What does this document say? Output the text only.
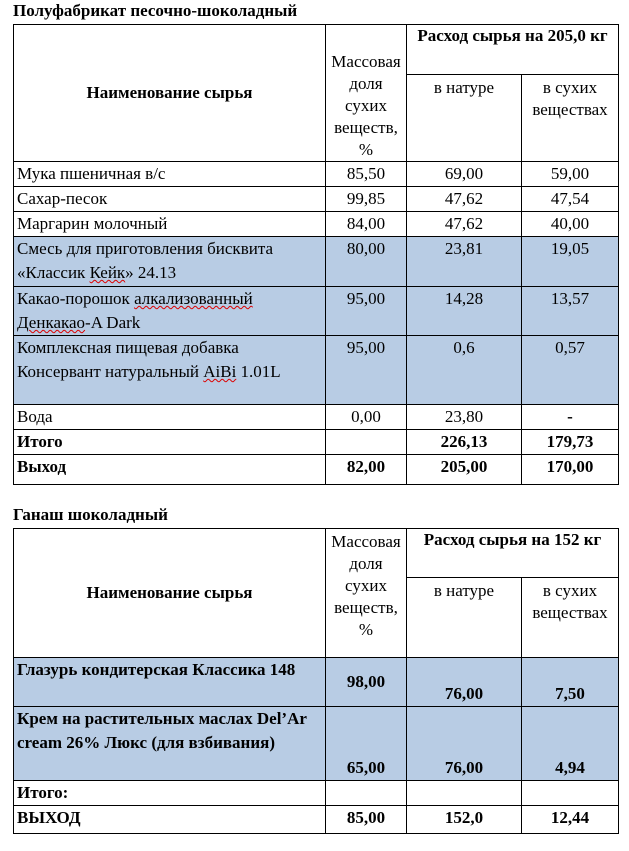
Полуфабрикат песочно-шоколадный
Наименование сырья	Массовая доля сухих веществ, %	Расход сырья на 205,0 кг	
		в натуре	в сухих веществах
Мука пшеничная в/с	85,50	69,00	59,00
Сахар-песок	99,85	47,62	47,54
Маргарин молочный	84,00	47,62	40,00
Смесь для приготовления бисквита «Классик Кейк» 24.13	80,00	23,81	19,05
Какао-порошок алкализованный Денкакао-A Dark	95,00	14,28	13,57
Комплексная пищевая добавка Консервант натуральный AiBi 1.01L	95,00	0,6	0,57
Вода	0,00	23,80	-
Итого		226,13	179,73
Выход	82,00	205,00	170,00
Ганаш шоколадный
Наименование сырья	Массовая доля сухих веществ, %	Расход сырья на 152 кг	
		в натуре	в сухих веществах
Глазурь кондитерская Классика 148	98,00	76,00	7,50
Крем на растительных маслах Del’Ar cream 26% Люкс (для взбивания)	65,00	76,00	4,94
Итого:			
ВЫХОД	85,00	152,0	12,44
